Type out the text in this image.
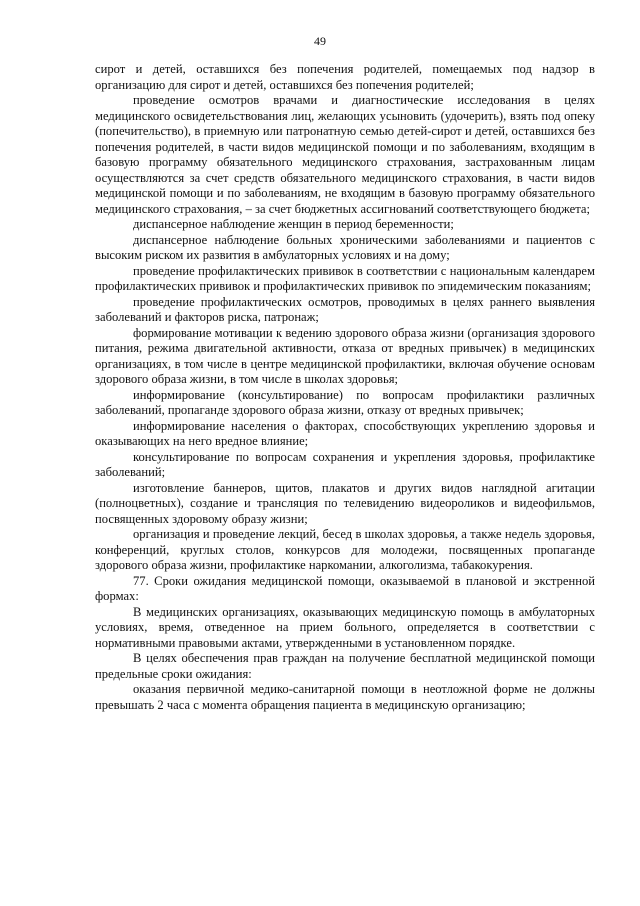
49

сирот и детей, оставшихся без попечения родителей, помещаемых под надзор в организацию для сирот и детей, оставшихся без попечения родителей;

проведение осмотров врачами и диагностические исследования в целях медицинского освидетельствования лиц, желающих усыновить (удочерить), взять под опеку (попечительство), в приемную или патронатную семью детей-сирот и детей, оставшихся без попечения родителей, в части видов медицинской помощи и по заболеваниям, входящим в базовую программу обязательного медицинского страхования, застрахованным лицам осуществляются за счет средств обязательного медицинского страхования, в части видов медицинской помощи и по заболеваниям, не входящим в базовую программу обязательного медицинского страхования, – за счет бюджетных ассигнований соответствующего бюджета;

диспансерное наблюдение женщин в период беременности;

диспансерное наблюдение больных хроническими заболеваниями и пациентов с высоким риском их развития в амбулаторных условиях и на дому;

проведение профилактических прививок в соответствии с национальным календарем профилактических прививок и профилактических прививок по эпидемическим показаниям;

проведение профилактических осмотров, проводимых в целях раннего выявления заболеваний и факторов риска, патронаж;

формирование мотивации к ведению здорового образа жизни (организация здорового питания, режима двигательной активности, отказа от вредных привычек) в медицинских организациях, в том числе в центре медицинской профилактики, включая обучение основам здорового образа жизни, в том числе в школах здоровья;

информирование (консультирование) по вопросам профилактики различных заболеваний, пропаганде здорового образа жизни, отказу от вредных привычек;

информирование населения о факторах, способствующих укреплению здоровья и оказывающих на него вредное влияние;

консультирование по вопросам сохранения и укрепления здоровья, профилактике заболеваний;

изготовление баннеров, щитов, плакатов и других видов наглядной агитации (полноцветных), создание и трансляция по телевидению видеороликов и видеофильмов, посвященных здоровому образу жизни;

организация и проведение лекций, бесед в школах здоровья, а также недель здоровья, конференций, круглых столов, конкурсов для молодежи, посвященных пропаганде здорового образа жизни, профилактике наркомании, алкоголизма, табакокурения.

77. Сроки ожидания медицинской помощи, оказываемой в плановой и экстренной формах:

В медицинских организациях, оказывающих медицинскую помощь в амбулаторных условиях, время, отведенное на прием больного, определяется в соответствии с нормативными правовыми актами, утвержденными в установленном порядке.

В целях обеспечения прав граждан на получение бесплатной медицинской помощи предельные сроки ожидания:

оказания первичной медико-санитарной помощи в неотложной форме не должны превышать 2 часа с момента обращения пациента в медицинскую организацию;
